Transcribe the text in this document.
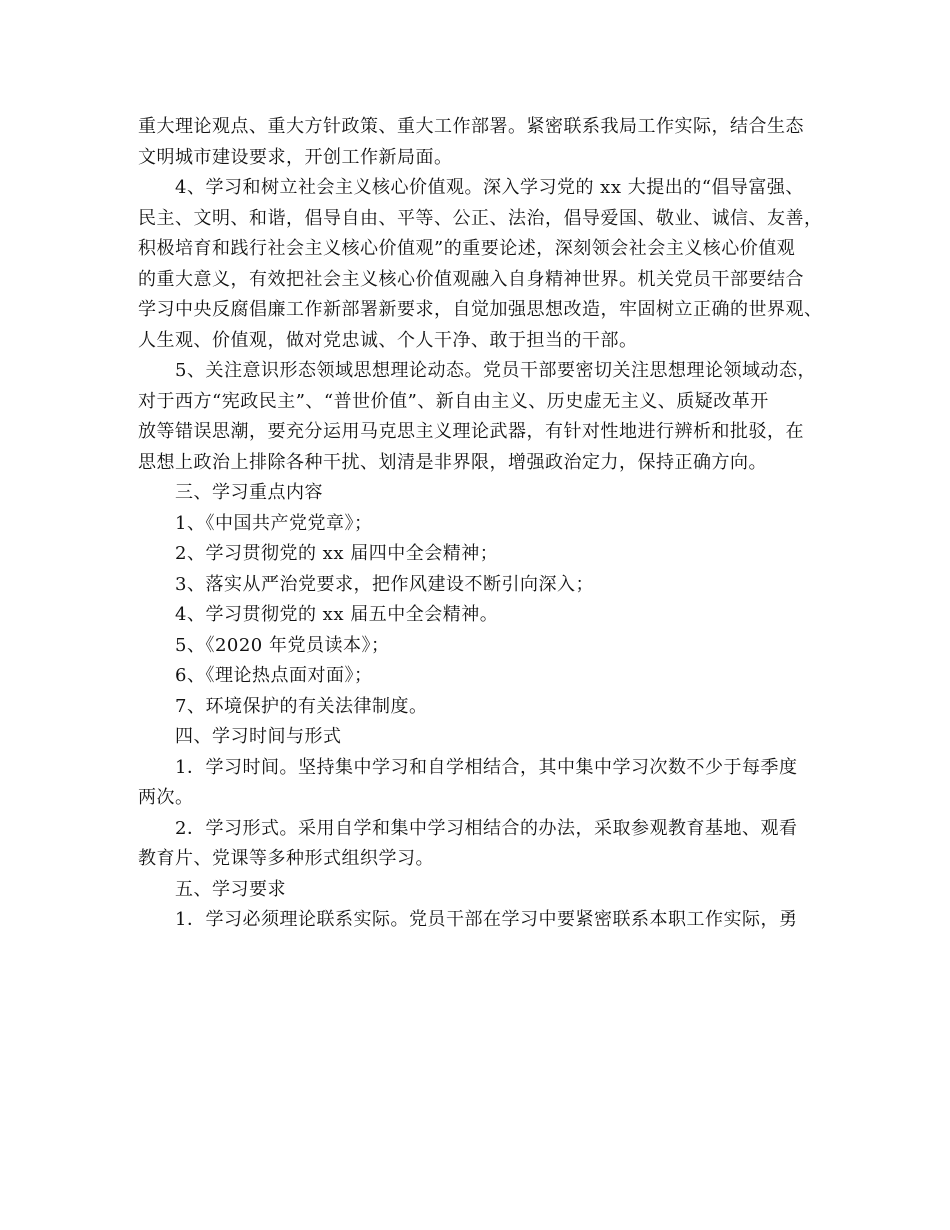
重大理论观点、重大方针政策、重大工作部署。紧密联系我局工作实际，结合生态
文明城市建设要求，开创工作新局面。
4、学习和树立社会主义核心价值观。深入学习党的 xx 大提出的“倡导富强、
民主、文明、和谐，倡导自由、平等、公正、法治，倡导爱国、敬业、诚信、友善，
积极培育和践行社会主义核心价值观”的重要论述，深刻领会社会主义核心价值观
的重大意义，有效把社会主义核心价值观融入自身精神世界。机关党员干部要结合
学习中央反腐倡廉工作新部署新要求，自觉加强思想改造，牢固树立正确的世界观、
人生观、价值观，做对党忠诚、个人干净、敢于担当的干部。
5、关注意识形态领域思想理论动态。党员干部要密切关注思想理论领域动态，
对于西方“宪政民主”、“普世价值”、新自由主义、历史虚无主义、质疑改革开
放等错误思潮，要充分运用马克思主义理论武器，有针对性地进行辨析和批驳，在
思想上政治上排除各种干扰、划清是非界限，增强政治定力，保持正确方向。
三、学习重点内容
1、《中国共产党党章》；
2、学习贯彻党的 xx 届四中全会精神；
3、落实从严治党要求，把作风建设不断引向深入；
4、学习贯彻党的 xx 届五中全会精神。
5、《2020 年党员读本》；
6、《理论热点面对面》；
7、环境保护的有关法律制度。
四、学习时间与形式
1．学习时间。坚持集中学习和自学相结合，其中集中学习次数不少于每季度
两次。
2．学习形式。采用自学和集中学习相结合的办法，采取参观教育基地、观看
教育片、党课等多种形式组织学习。
五、学习要求
1．学习必须理论联系实际。党员干部在学习中要紧密联系本职工作实际，勇
